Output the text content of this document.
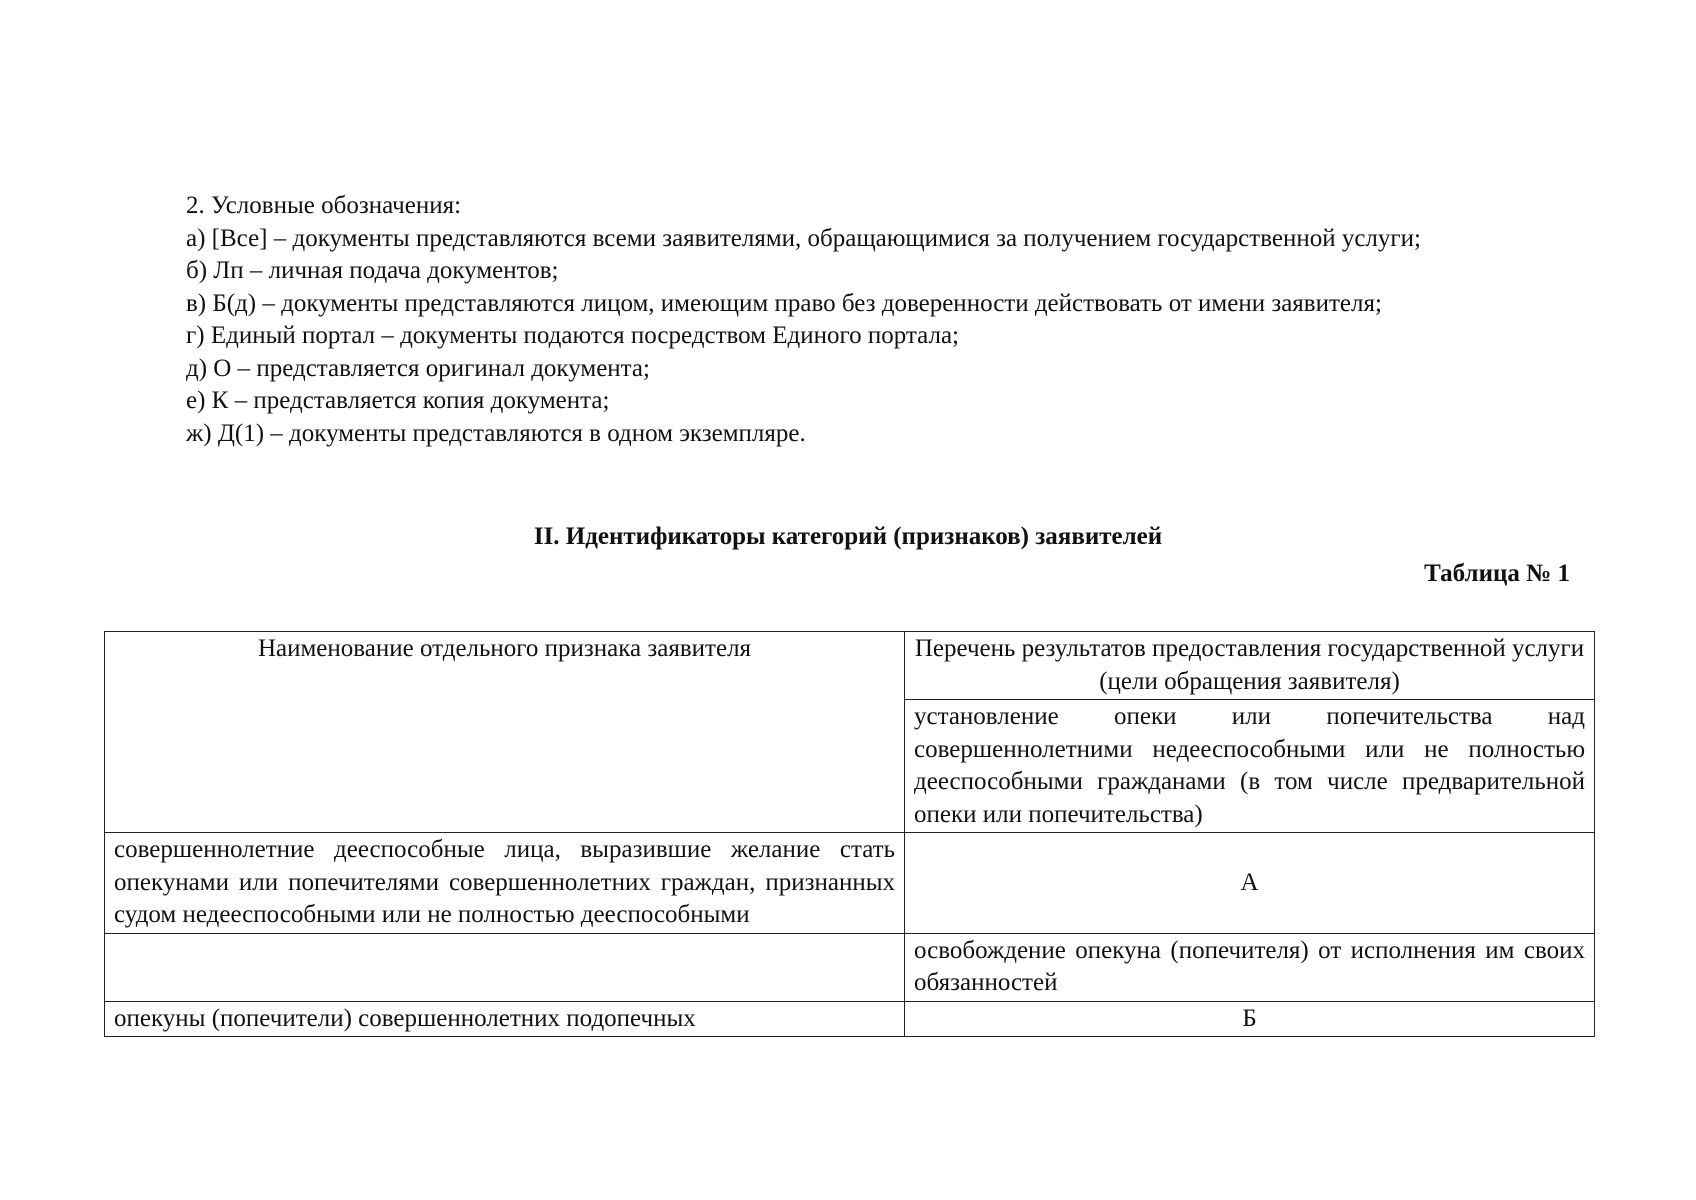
2. Условные обозначения:

а) [Все] – документы представляются всеми заявителями, обращающимися за получением государственной услуги;

б) Лп – личная подача документов;

в) Б(д) – документы представляются лицом, имеющим право без доверенности действовать от имени заявителя;

г) Единый портал – документы подаются посредством Единого портала;

д) О – представляется оригинал документа;

е) К – представляется копия документа;

ж) Д(1) – документы представляются в одном экземпляре.

II. Идентификаторы категорий (признаков) заявителей
Таблица № 1
Наименование отдельного признака заявителя	Перечень результатов предоставления государственной услуги (цели обращения заявителя)
	установление опеки или попечительства над совершеннолетними недееспособными или не полностью дееспособными гражданами (в том числе предварительной опеки или попечительства)
совершеннолетние дееспособные лица, выразившие желание стать опекунами или попечителями совершеннолетних граждан, признанных судом недееспособными или не полностью дееспособными	А
	освобождение опекуна (попечителя) от исполнения им своих обязанностей
опекуны (попечители) совершеннолетних подопечных	Б
